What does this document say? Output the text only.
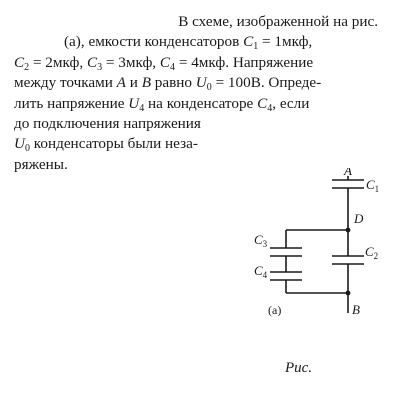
В схеме, изображенной на рис.
(а), емкости конденсаторов $C_1 = 1мкф$,
$C_2 = 2мкф$, $C_3 = 3мкф$, $C_4 = 4мкф$. Напряжение
между точками A и B равно $U_0 = 100В$. Опреде-
лить напряжение $U_4$ на конденсаторе $C_4$, если
до подключения напряжения
$U_0$ конденсаторы были неза-
ряжены.	A
$C_1$
D
$C_2$
$C_3$
$C_4$
(а)	B
Рис.
